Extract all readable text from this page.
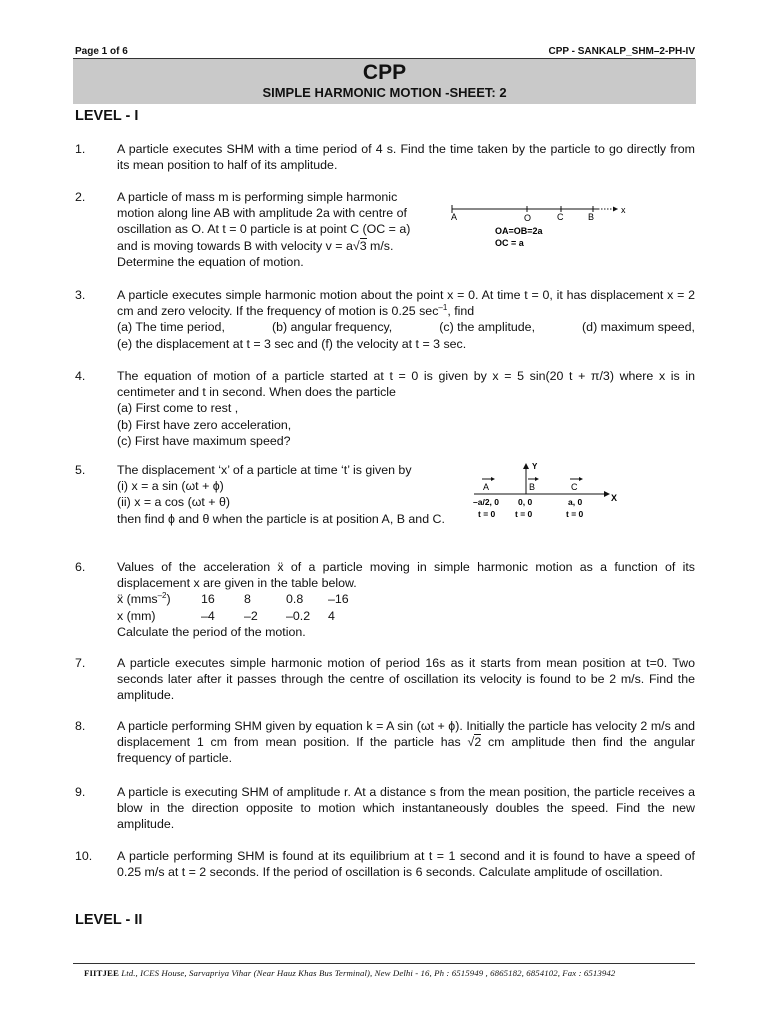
Page 1 of 6	CPP - SANKALP_SHM–2-PH-IV
CPP
SIMPLE HARMONIC MOTION -SHEET: 2
LEVEL - I
1.	A particle executes SHM with a time period of 4 s. Find the time taken by the particle to go directly from its mean position to half of its amplitude.
2.	A particle of mass m is performing simple harmonic
motion along line AB with amplitude 2a with centre of
oscillation as O. At t = 0 particle is at point C (OC = a)
and is moving towards B with velocity v = a√3 m/s.
Determine the equation of motion.
A	O	C	B
x
OA=OB=2a
OC = a
3.	A particle executes simple harmonic motion about the point x = 0. At time t = 0, it has displacement x = 2 cm and zero velocity. If the frequency of motion is 0.25 $\sec^{-1}$, find
(a) The time period,	(b) angular frequency,	(c) the amplitude,	(d) maximum speed,
(e) the displacement at t = 3 sec and (f) the velocity at t = 3 sec.
4.	The equation of motion of a particle started at t = 0 is given by x = 5 sin(20 t + π/3) where x is in centimeter and t in second. When does the particle
(a) First come to rest ,
(b) First have zero acceleration,
(c) First have maximum speed?
5.	The displacement ‘x’ of a particle at time ‘t’ is given by
(i) x = a sin (ωt + ϕ)
(ii) x = a cos (ωt + θ)
then find ϕ and θ when the particle is at position A, B and C.
X
Y
A	B	C
–a/2, 0 0, 0	a, 0
t = 0 t = 0	t = 0
6.	Values of the acceleration ẍ of a particle moving in simple harmonic motion as a function of its displacement x are given in the table below.
ẍ (mms–2) 16 8	0.8 –16
x (mm)	–4 –2 –0.2 4
Calculate the period of the motion.
7.	A particle executes simple harmonic motion of period 16s as it starts from mean position at t=0. Two seconds later after it passes through the centre of oscillation its velocity is found to be 2 m/s. Find the amplitude.
8.	A particle performing SHM given by equation k = A sin (ωt + ϕ). Initially the particle has velocity 2 m/s and displacement 1 cm from mean position. If the particle has √2 cm amplitude then find the angular frequency of particle.
9.	A particle is executing SHM of amplitude r. At a distance s from the mean position, the particle receives a blow in the direction opposite to motion which instantaneously doubles the speed. Find the new amplitude.
10. A particle performing SHM is found at its equilibrium at t = 1 second and it is found to have a speed of 0.25 m/s at t = 2 seconds. If the period of oscillation is 6 seconds. Calculate amplitude of oscillation.
LEVEL - II
FIITJEE Ltd., ICES House, Sarvapriya Vihar (Near Hauz Khas Bus Terminal), New Delhi - 16, Ph : 6515949 , 6865182, 6854102, Fax : 6513942
